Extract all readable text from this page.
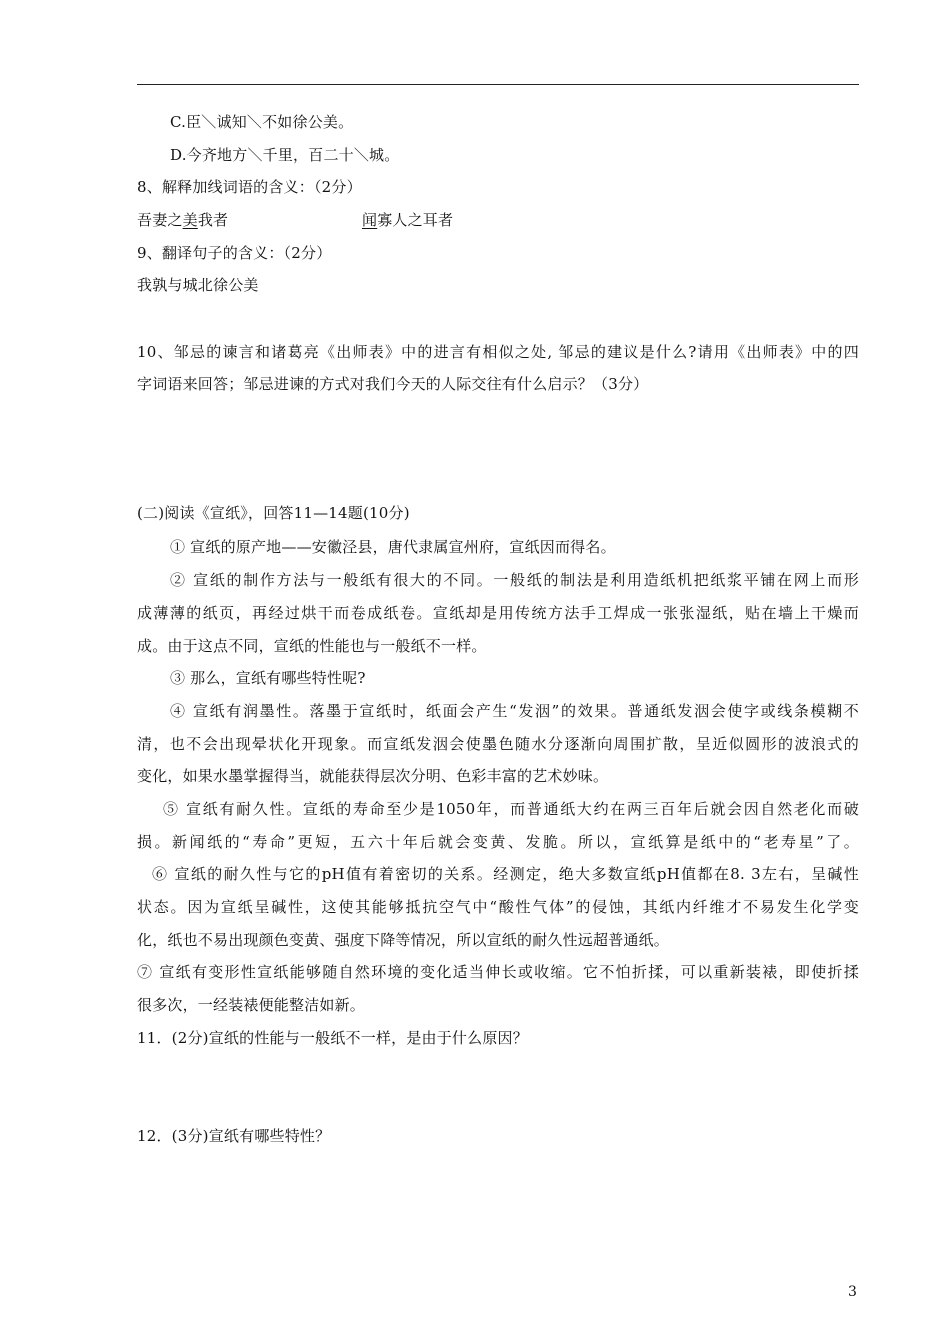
C.臣＼诚知＼不如徐公美。
D.今齐地方＼千里，百二十＼城。
8、解释加线词语的含义：（2分）
吾妻之美我者	闻寡人之耳者
9、翻译句子的含义：（2分）
我孰与城北徐公美
10、邹忌的谏言和诸葛亮《出师表》中的进言有相似之处, 邹忌的建议是什么?请用《出师表》中的四
字词语来回答；邹忌进谏的方式对我们今天的人际交往有什么启示？（3分）
(二)阅读《宣纸》，回答11—14题(10分)
① 宣纸的原产地——安徽泾县，唐代隶属宣州府，宣纸因而得名。
② 宣纸的制作方法与一般纸有很大的不同。一般纸的制法是利用造纸机把纸浆平铺在网上而形
成薄薄的纸页，再经过烘干而卷成纸卷。宣纸却是用传统方法手工焊成一张张湿纸，贴在墙上干燥而
成。由于这点不同，宣纸的性能也与一般纸不一样。
③ 那么，宣纸有哪些特性呢?
④ 宣纸有润墨性。落墨于宣纸时，纸面会产生“发洇”的效果。普通纸发洇会使字或线条模糊不
清，也不会出现晕状化开现象。而宣纸发洇会使墨色随水分逐渐向周围扩散，呈近似圆形的波浪式的
变化，如果水墨掌握得当，就能获得层次分明、色彩丰富的艺术妙味。
⑤ 宣纸有耐久性。宣纸的寿命至少是1050年，而普通纸大约在两三百年后就会因自然老化而破
损。新闻纸的“寿命”更短，五六十年后就会变黄、发脆。所以，宣纸算是纸中的“老寿星”了。
⑥ 宣纸的耐久性与它的pH值有着密切的关系。经测定，绝大多数宣纸pH值都在8. 3左右，呈碱性
状态。因为宣纸呈碱性，这使其能够抵抗空气中“酸性气体”的侵蚀，其纸内纤维才不易发生化学变
化，纸也不易出现颜色变黄、强度下降等情况，所以宣纸的耐久性远超普通纸。
⑦ 宣纸有变形性宣纸能够随自然环境的变化适当伸长或收缩。它不怕折揉，可以重新装裱，即使折揉
很多次，一经装裱便能整洁如新。
11．(2分)宣纸的性能与一般纸不一样，是由于什么原因？
12．(3分)宣纸有哪些特性？
3
